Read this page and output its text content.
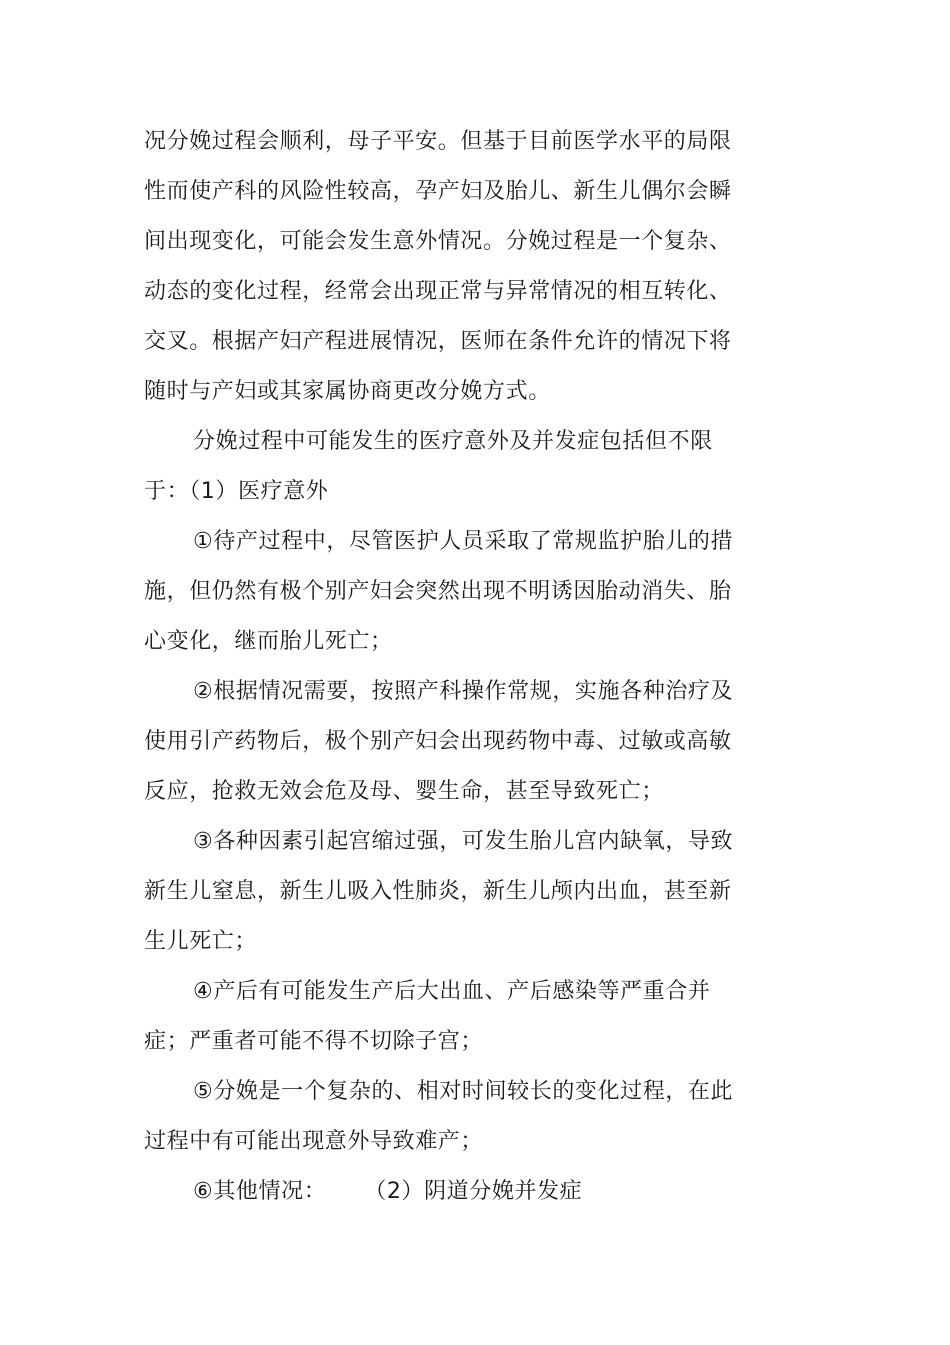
况分娩过程会顺利，母子平安。但基于目前医学水平的局限

性而使产科的风险性较高，孕产妇及胎儿、新生儿偶尔会瞬

间出现变化，可能会发生意外情况。分娩过程是一个复杂、

动态的变化过程，经常会出现正常与异常情况的相互转化、

交叉。根据产妇产程进展情况，医师在条件允许的情况下将

随时与产妇或其家属协商更改分娩方式。

分娩过程中可能发生的医疗意外及并发症包括但不限

于：（1）医疗意外

①待产过程中，尽管医护人员采取了常规监护胎儿的措

施，但仍然有极个别产妇会突然出现不明诱因胎动消失、胎

心变化，继而胎儿死亡；

②根据情况需要，按照产科操作常规，实施各种治疗及

使用引产药物后，极个别产妇会出现药物中毒、过敏或高敏

反应，抢救无效会危及母、婴生命，甚至导致死亡；

③各种因素引起宫缩过强，可发生胎儿宫内缺氧，导致

新生儿窒息，新生儿吸入性肺炎，新生儿颅内出血，甚至新

生儿死亡；

④产后有可能发生产后大出血、产后感染等严重合并

症；严重者可能不得不切除子宫；

⑤分娩是一个复杂的、相对时间较长的变化过程，在此

过程中有可能出现意外导致难产；

⑥其他情况：     （2）阴道分娩并发症
